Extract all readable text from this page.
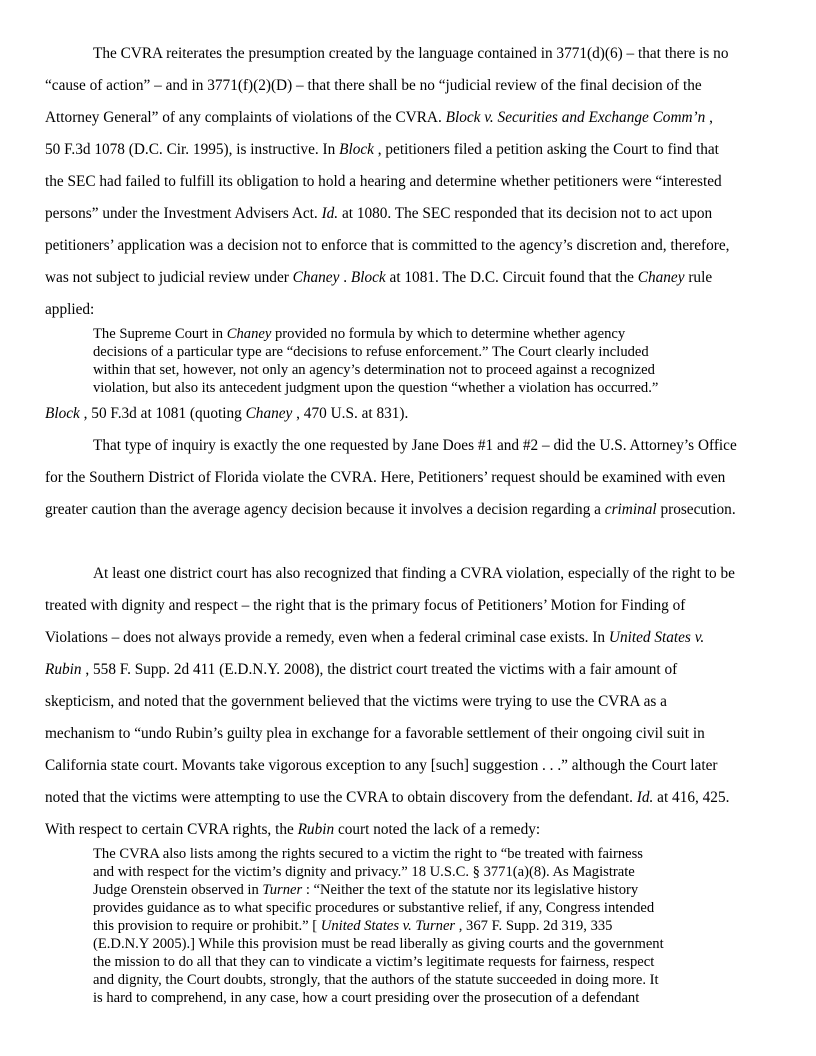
The CVRA reiterates the presumption created by the language contained in 3771(d)(6) – that there is no
“cause of action” – and in 3771(f)(2)(D) – that there shall be no “judicial review of the final decision of the
Attorney General” of any complaints of violations of the CVRA. Block v. Securities and Exchange Comm’n ,
50 F.3d 1078 (D.C. Cir. 1995), is instructive. In Block , petitioners filed a petition asking the Court to find that
the SEC had failed to fulfill its obligation to hold a hearing and determine whether petitioners were “interested
persons” under the Investment Advisers Act. Id. at 1080. The SEC responded that its decision not to act upon
petitioners’ application was a decision not to enforce that is committed to the agency’s discretion and, therefore,
was not subject to judicial review under Chaney . Block at 1081. The D.C. Circuit found that the Chaney rule
applied:
The Supreme Court in Chaney provided no formula by which to determine whether agency
decisions of a particular type are “decisions to refuse enforcement.” The Court clearly included
within that set, however, not only an agency’s determination not to proceed against a recognized
violation, but also its antecedent judgment upon the question “whether a violation has occurred.”
Block , 50 F.3d at 1081 (quoting Chaney , 470 U.S. at 831).
That type of inquiry is exactly the one requested by Jane Does #1 and #2 – did the U.S. Attorney’s Office
for the Southern District of Florida violate the CVRA. Here, Petitioners’ request should be examined with even
greater caution than the average agency decision because it involves a decision regarding a criminal prosecution.
At least one district court has also recognized that finding a CVRA violation, especially of the right to be
treated with dignity and respect – the right that is the primary focus of Petitioners’ Motion for Finding of
Violations – does not always provide a remedy, even when a federal criminal case exists. In United States v.
Rubin , 558 F. Supp. 2d 411 (E.D.N.Y. 2008), the district court treated the victims with a fair amount of
skepticism, and noted that the government believed that the victims were trying to use the CVRA as a
mechanism to “undo Rubin’s guilty plea in exchange for a favorable settlement of their ongoing civil suit in
California state court. Movants take vigorous exception to any [such] suggestion . . .” although the Court later
noted that the victims were attempting to use the CVRA to obtain discovery from the defendant. Id. at 416, 425.
With respect to certain CVRA rights, the Rubin court noted the lack of a remedy:
The CVRA also lists among the rights secured to a victim the right to “be treated with fairness
and with respect for the victim’s dignity and privacy.” 18 U.S.C. § 3771(a)(8). As Magistrate
Judge Orenstein observed in Turner : “Neither the text of the statute nor its legislative history
provides guidance as to what specific procedures or substantive relief, if any, Congress intended
this provision to require or prohibit.” [ United States v. Turner , 367 F. Supp. 2d 319, 335
(E.D.N.Y 2005).] While this provision must be read liberally as giving courts and the government
the mission to do all that they can to vindicate a victim’s legitimate requests for fairness, respect
and dignity, the Court doubts, strongly, that the authors of the statute succeeded in doing more. It
is hard to comprehend, in any case, how a court presiding over the prosecution of a defendant
